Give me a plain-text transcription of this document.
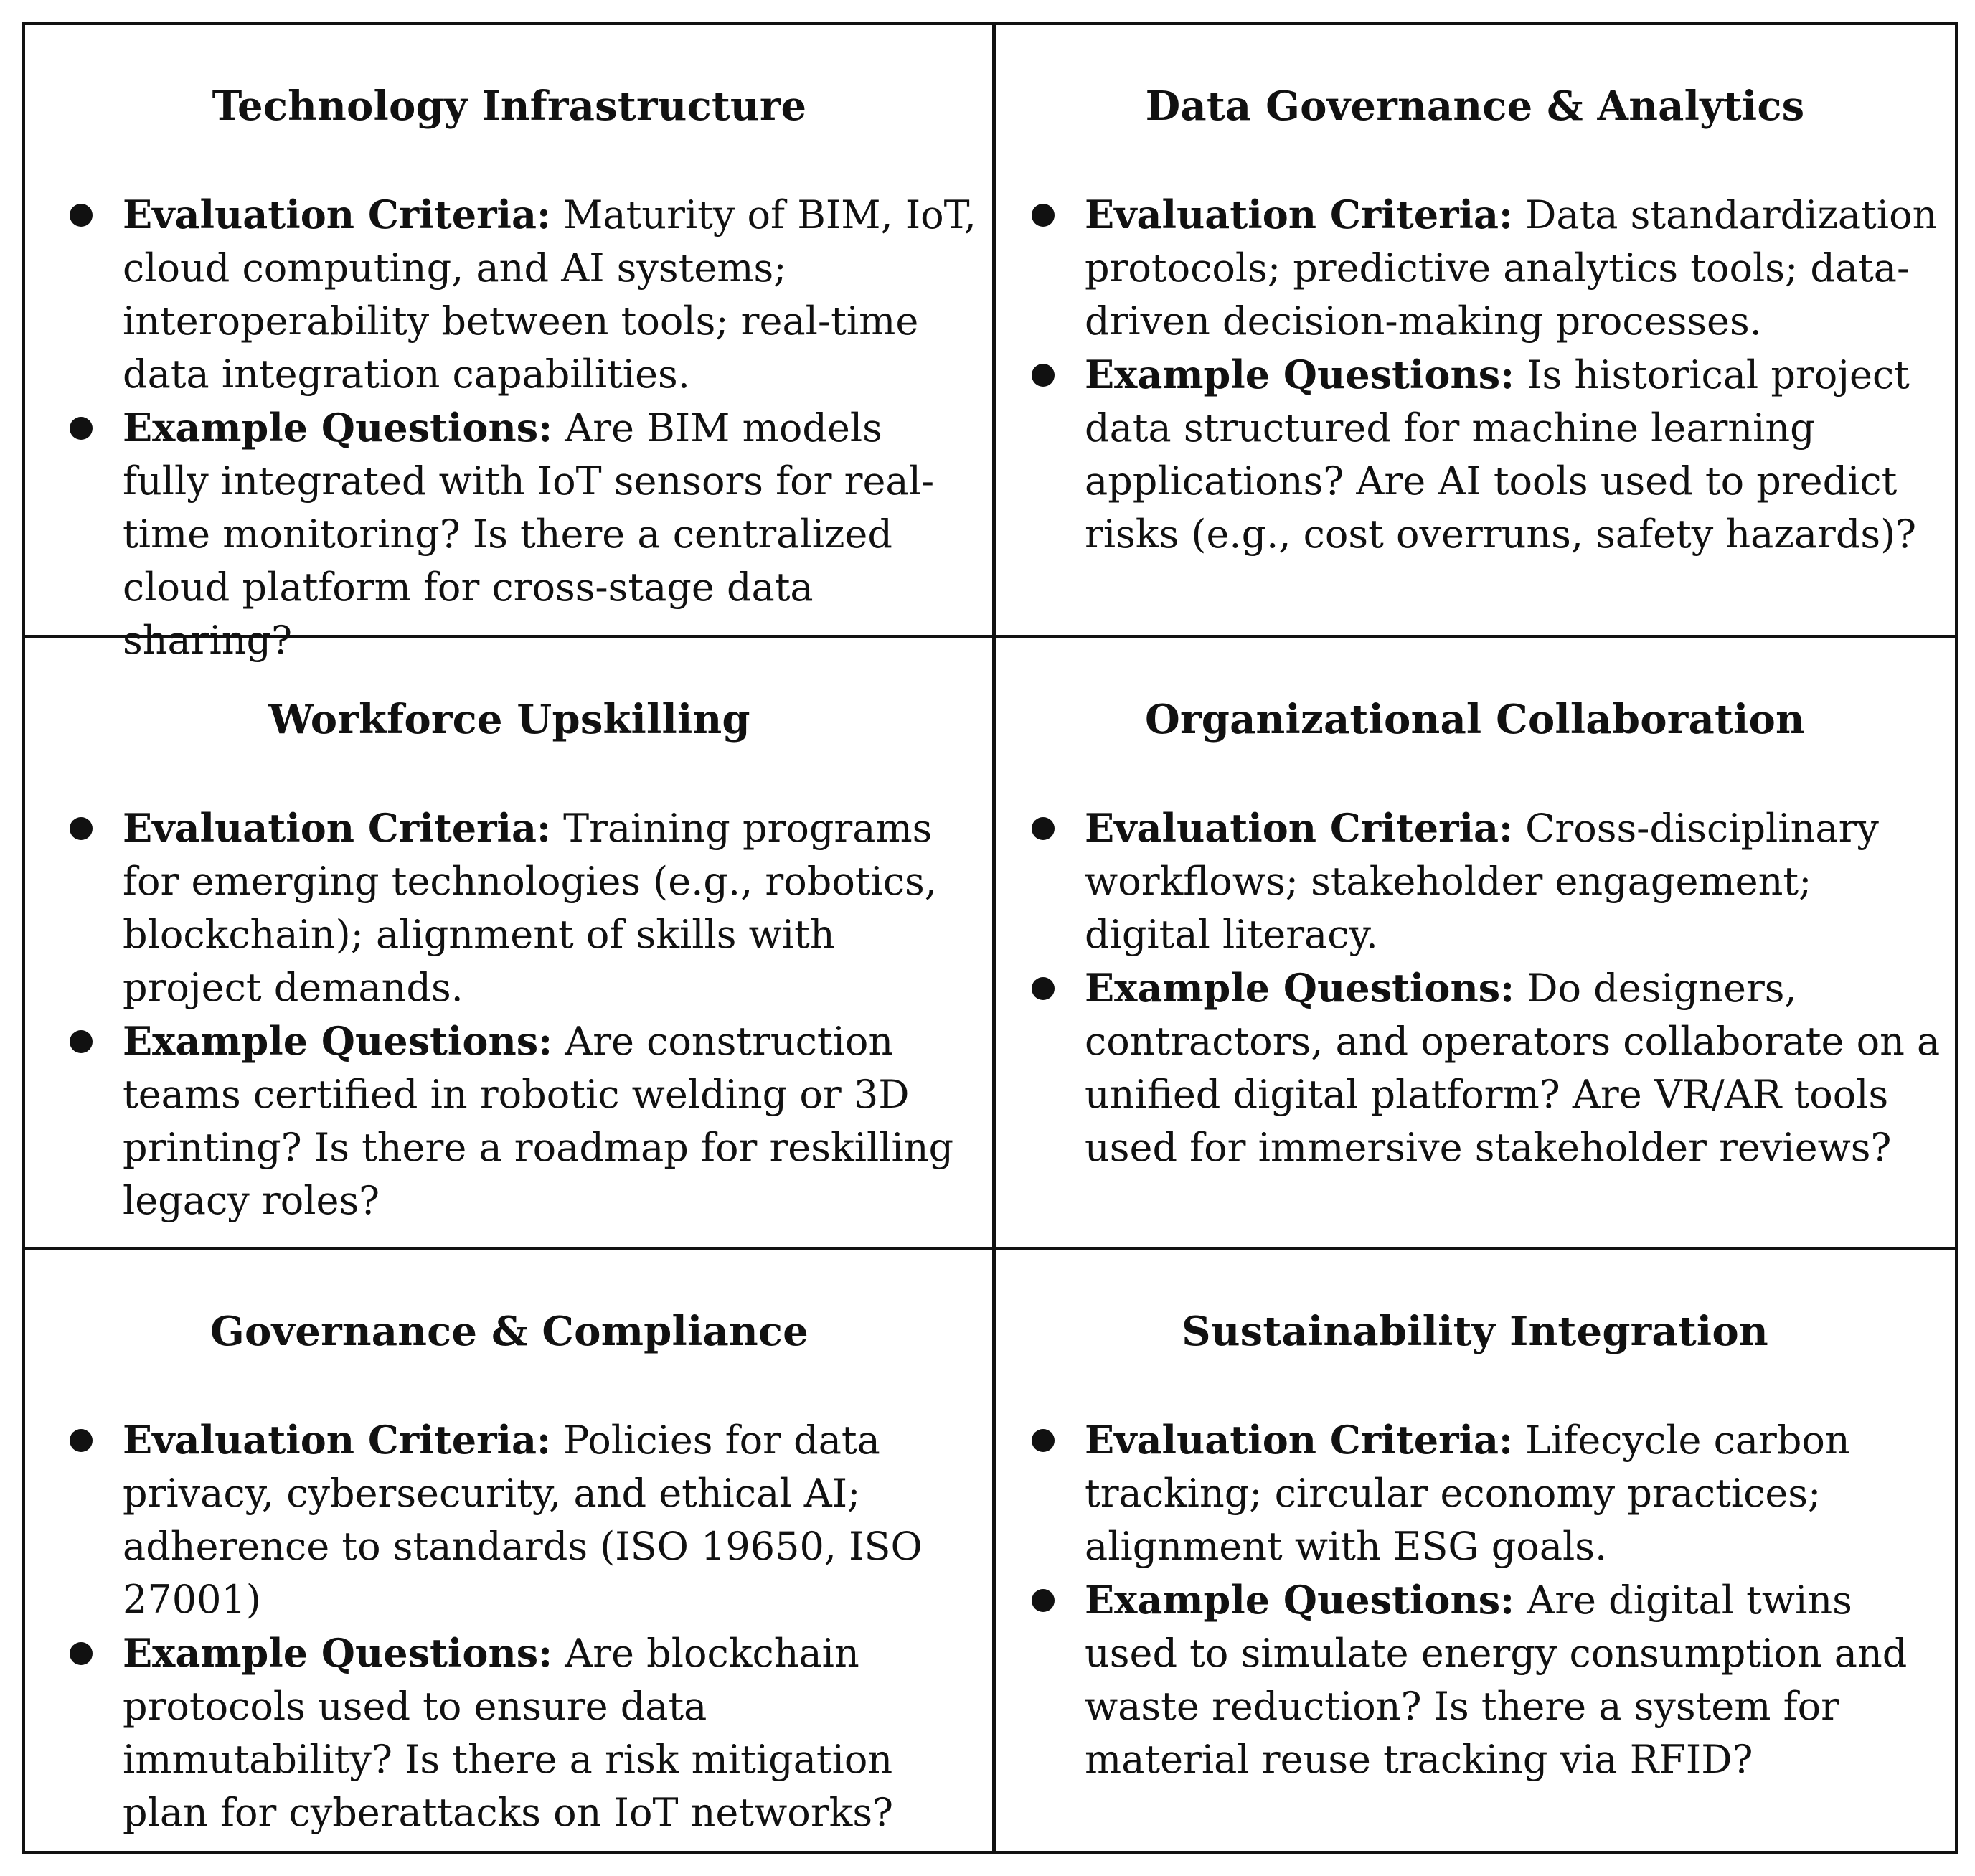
Technology Infrastructure
Evaluation Criteria: Maturity of BIM, IoT, cloud computing, and AI systems; interoperability between tools; real-time data integration capabilities.
Example Questions: Are BIM models fully integrated with IoT sensors for real-time monitoring? Is there a centralized cloud platform for cross-stage data sharing?
Data Governance & Analytics
Evaluation Criteria: Data standardization protocols; predictive analytics tools; data-driven decision-making processes.
Example Questions: Is historical project data structured for machine learning applications? Are AI tools used to predict risks (e.g., cost overruns, safety hazards)?
Workforce Upskilling
Evaluation Criteria: Training programs for emerging technologies (e.g., robotics, blockchain); alignment of skills with project demands.
Example Questions: Are construction teams certified in robotic welding or 3D printing? Is there a roadmap for reskilling legacy roles?
Organizational Collaboration
Evaluation Criteria: Cross-disciplinary workflows; stakeholder engagement; digital literacy.
Example Questions: Do designers, contractors, and operators collaborate on a unified digital platform? Are VR/AR tools used for immersive stakeholder reviews?
Governance & Compliance
Evaluation Criteria: Policies for data privacy, cybersecurity, and ethical AI; adherence to standards (ISO 19650, ISO 27001)
Example Questions: Are blockchain protocols used to ensure data immutability? Is there a risk mitigation plan for cyberattacks on IoT networks?
Sustainability Integration
Evaluation Criteria: Lifecycle carbon tracking; circular economy practices; alignment with ESG goals.
Example Questions: Are digital twins used to simulate energy consumption and waste reduction? Is there a system for material reuse tracking via RFID?
